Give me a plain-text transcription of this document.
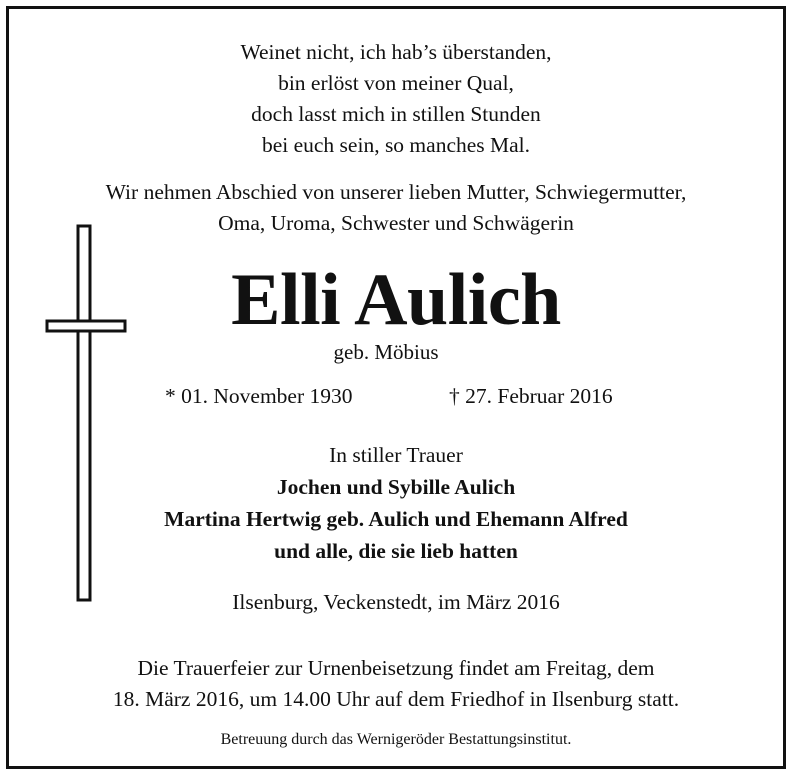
Weinet nicht, ich hab’s überstanden,
bin erlöst von meiner Qual,
doch lasst mich in stillen Stunden
bei euch sein, so manches Mal.
Wir nehmen Abschied von unserer lieben Mutter, Schwiegermutter,
Oma, Uroma, Schwester und Schwägerin
Elli Aulich
geb. Möbius
* 01. November 1930	† 27. Februar 2016
In stiller Trauer
Jochen und Sybille Aulich
Martina Hertwig geb. Aulich und Ehemann Alfred
und alle, die sie lieb hatten
Ilsenburg, Veckenstedt, im März 2016
Die Trauerfeier zur Urnenbeisetzung findet am Freitag, dem
18. März 2016, um 14.00 Uhr auf dem Friedhof in Ilsenburg statt.
Betreuung durch das Wernigeröder Bestattungsinstitut.
